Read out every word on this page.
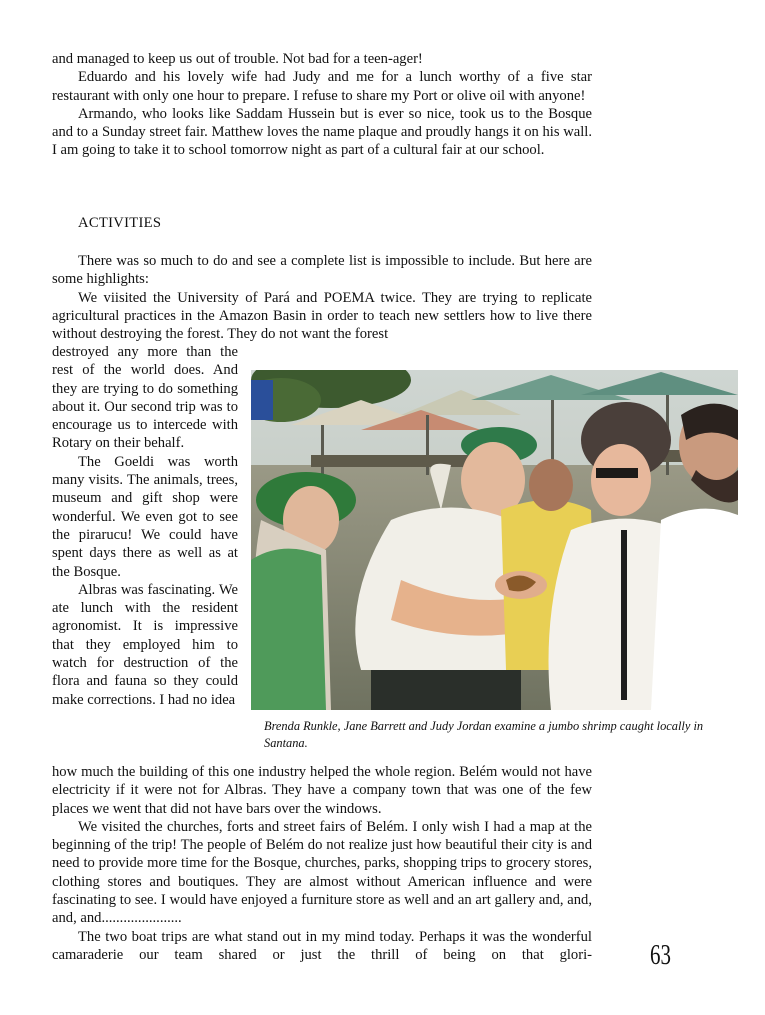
and managed to keep us out of trouble. Not bad for a teen-ager!

Eduardo and his lovely wife had Judy and me for a lunch worthy of a five star restaurant with only one hour to prepare. I refuse to share my Port or olive oil with anyone!

Armando, who looks like Saddam Hussein but is ever so nice, took us to the Bosque and to a Sunday street fair. Matthew loves the name plaque and proudly hangs it on his wall. I am going to take it to school tomorrow night as part of a cultural fair at our school.

ACTIVITIES

There was so much to do and see a complete list is impossible to include. But here are some highlights:

We viisited the University of Pará and POEMA twice. They are trying to replicate agricultural practices in the Amazon Basin in order to teach new settlers how to live there without destroying the forest. They do not want the forest

destroyed any more than the rest of the world does. And they are trying to do something about it. Our second trip was to encourage us to intercede with Rotary on their behalf.

The Goeldi was worth many visits. The animals, trees, museum and gift shop were wonderful. We even got to see the pirarucu! We could have spent days there as well as at the Bosque.

Albras was fascinating. We ate lunch with the resident agronomist. It is impressive that they employed him to watch for destruction of the flora and fauna so they could make corrections. I had no idea

Brenda Runkle, Jane Barrett and Judy Jordan examine a jumbo shrimp caught locally in Santana.

how much the building of this one industry helped the whole region. Belém would not have electricity if it were not for Albras. They have a company town that was one of the few places we went that did not have bars over the windows.

We visited the churches, forts and street fairs of Belém. I only wish I had a map at the beginning of the trip! The people of Belém do not realize just how beautiful their city is and need to provide more time for the Bosque, churches, parks, shopping trips to grocery stores, clothing stores and boutiques. They are almost without American influence and were fascinating to see. I would have enjoyed a furniture store as well and an art gallery and, and, and, and......................

The two boat trips are what stand out in my mind today. Perhaps it was the wonderful camaraderie our team shared or just the thrill of being on that glori- 63
